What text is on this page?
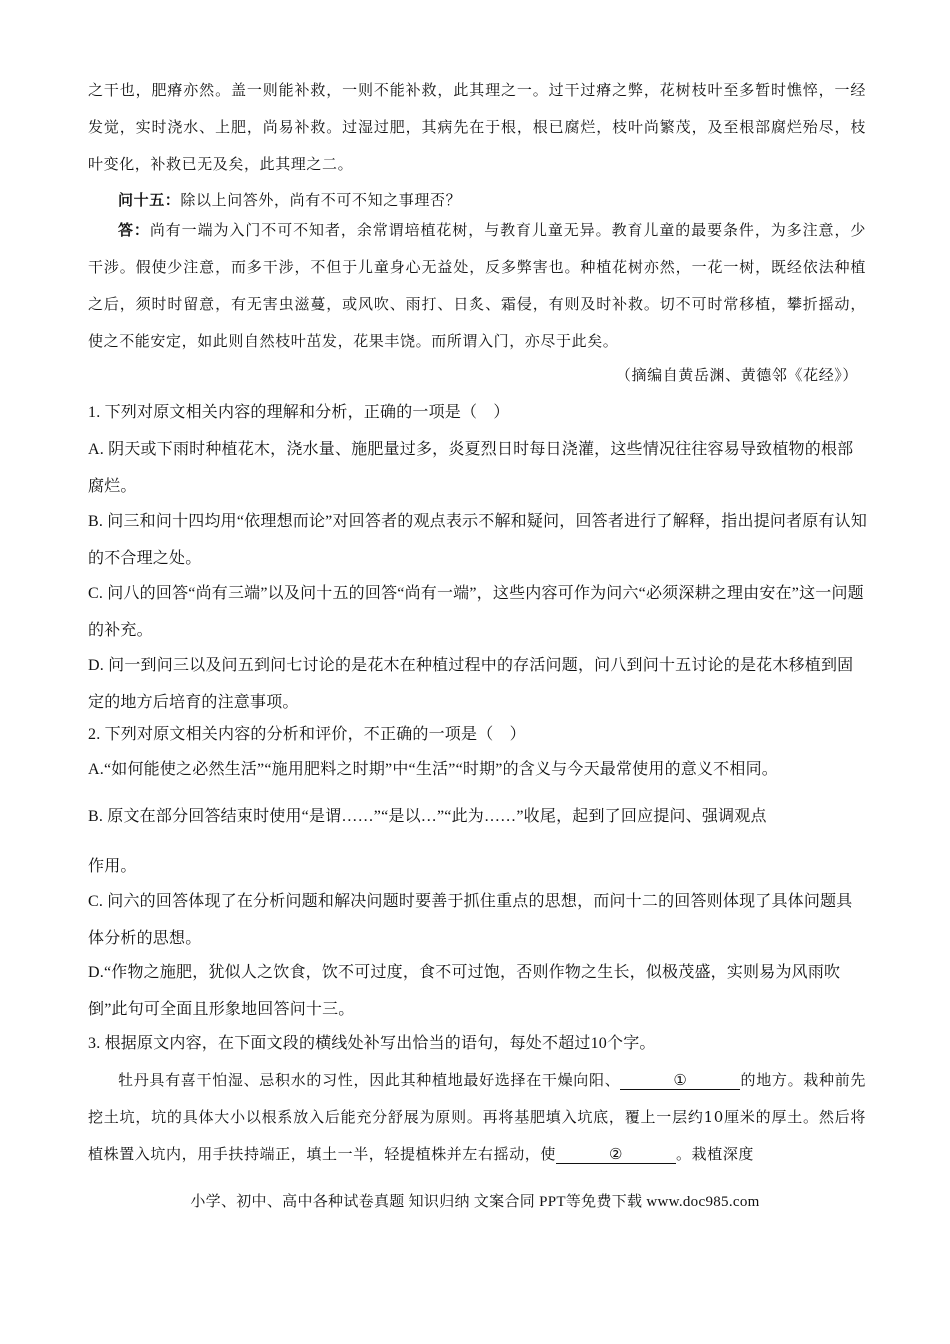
之干也，肥瘠亦然。盖一则能补救，一则不能补救，此其理之一。过干过瘠之弊，花树枝叶至多暂时憔悴，一经发觉，实时浇水、上肥，尚易补救。过湿过肥，其病先在于根，根已腐烂，枝叶尚繁茂，及至根部腐烂殆尽，枝叶变化，补救已无及矣，此其理之二。

问十五：除以上问答外，尚有不可不知之事理否？

答：尚有一端为入门不可不知者，余常谓培植花树，与教育儿童无异。教育儿童的最要条件，为多注意，少干涉。假使少注意，而多干涉，不但于儿童身心无益处，反多弊害也。种植花树亦然，一花一树，既经依法种植之后，须时时留意，有无害虫滋蔓，或风吹、雨打、日炙、霜侵，有则及时补救。切不可时常移植，攀折摇动，使之不能安定，如此则自然枝叶茁发，花果丰饶。而所谓入门，亦尽于此矣。

（摘编自黄岳渊、黄德邻《花经》）

1. 下列对原文相关内容的理解和分析，正确的一项是（　）

A. 阴天或下雨时种植花木，浇水量、施肥量过多，炎夏烈日时每日浇灌，这些情况往往容易导致植物的根部腐烂。

B. 问三和问十四均用“依理想而论”对回答者的观点表示不解和疑问，回答者进行了解释，指出提问者原有认知的不合理之处。

C. 问八的回答“尚有三端”以及问十五的回答“尚有一端”，这些内容可作为问六“必须深耕之理由安在”这一问题的补充。

D. 问一到问三以及问五到问七讨论的是花木在种植过程中的存活问题，问八到问十五讨论的是花木移植到固定的地方后培育的注意事项。

2. 下列对原文相关内容的分析和评价，不正确的一项是（　）

A.“如何能使之必然生活”“施用肥料之时期”中“生活”“时期”的含义与今天最常使用的意义不相同。

B. 原文在部分回答结束时使用“是谓……”“是以…”“此为……”收尾，起到了回应提问、强调观点

作用。

C. 问六的回答体现了在分析问题和解决问题时要善于抓住重点的思想，而问十二的回答则体现了具体问题具体分析的思想。

D.“作物之施肥，犹似人之饮食，饮不可过度，食不可过饱，否则作物之生长，似极茂盛，实则易为风雨吹倒”此句可全面且形象地回答问十三。

3. 根据原文内容，在下面文段的横线处补写出恰当的语句，每处不超过10个字。

牡丹具有喜干怕湿、忌积水的习性，因此其种植地最好选择在干燥向阳、	①	的地方。栽种前先挖土坑，坑的具体大小以根系放入后能充分舒展为原则。再将基肥填入坑底，覆上一层约10厘米的厚土。然后将植株置入坑内，用手扶持端正，填土一半，轻提植株并左右摇动，使	②	。栽植深度

小学、初中、高中各种试卷真题 知识归纳 文案合同 PPT等免费下载 www.doc985.com
